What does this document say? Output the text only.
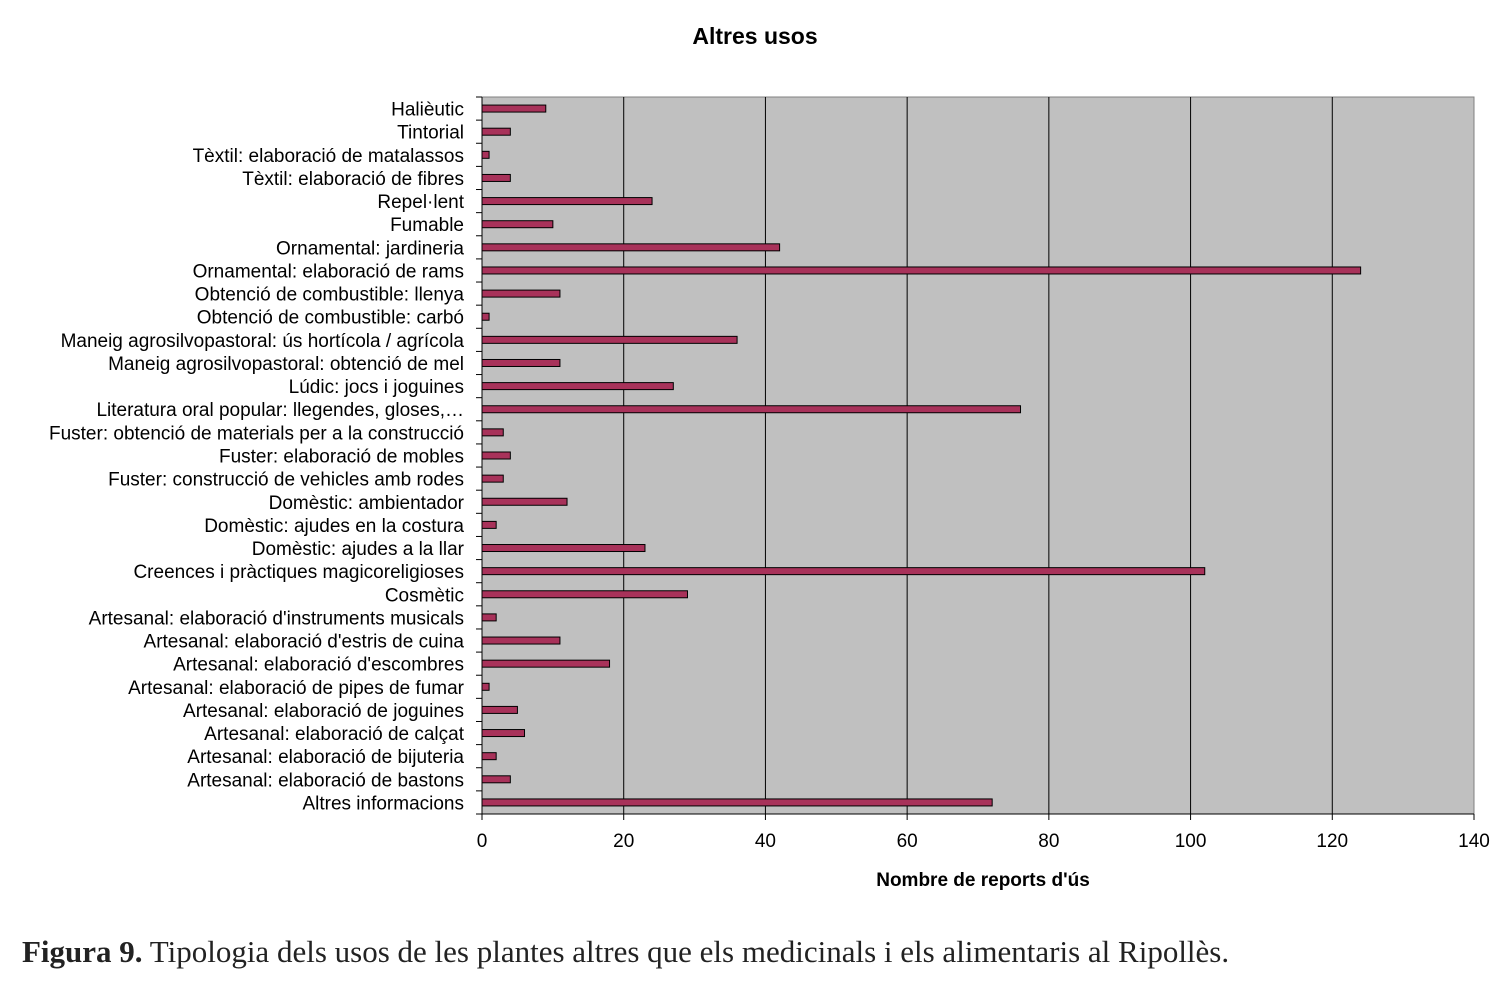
Altres usos
Halièutic
Tintorial
Tèxtil: elaboració de matalassos
Tèxtil: elaboració de fibres
Repel·lent
Fumable
Ornamental: jardineria
Ornamental: elaboració de rams
Obtenció de combustible: llenya
Obtenció de combustible: carbó
Maneig agrosilvopastoral: ús hortícola / agrícola
Maneig agrosilvopastoral: obtenció de mel
Lúdic: jocs i joguines
Literatura oral popular: llegendes, gloses,…
Fuster: obtenció de materials per a la construcció
Fuster: elaboració de mobles
Fuster: construcció de vehicles amb rodes
Domèstic: ambientador
Domèstic: ajudes en la costura
Domèstic: ajudes a la llar
Creences i pràctiques magicoreligioses
Cosmètic
Artesanal: elaboració d'instruments musicals
Artesanal: elaboració d'estris de cuina
Artesanal: elaboració d'escombres
Artesanal: elaboració de pipes de fumar
Artesanal: elaboració de joguines
Artesanal: elaboració de calçat
Artesanal: elaboració de bijuteria
Artesanal: elaboració de bastons
Altres informacions
0	20	40	60	80	100	120	140
Nombre de reports d'ús
Figura 9. Tipologia dels usos de les plantes altres que els medicinals i els alimentaris al Ripollès.
